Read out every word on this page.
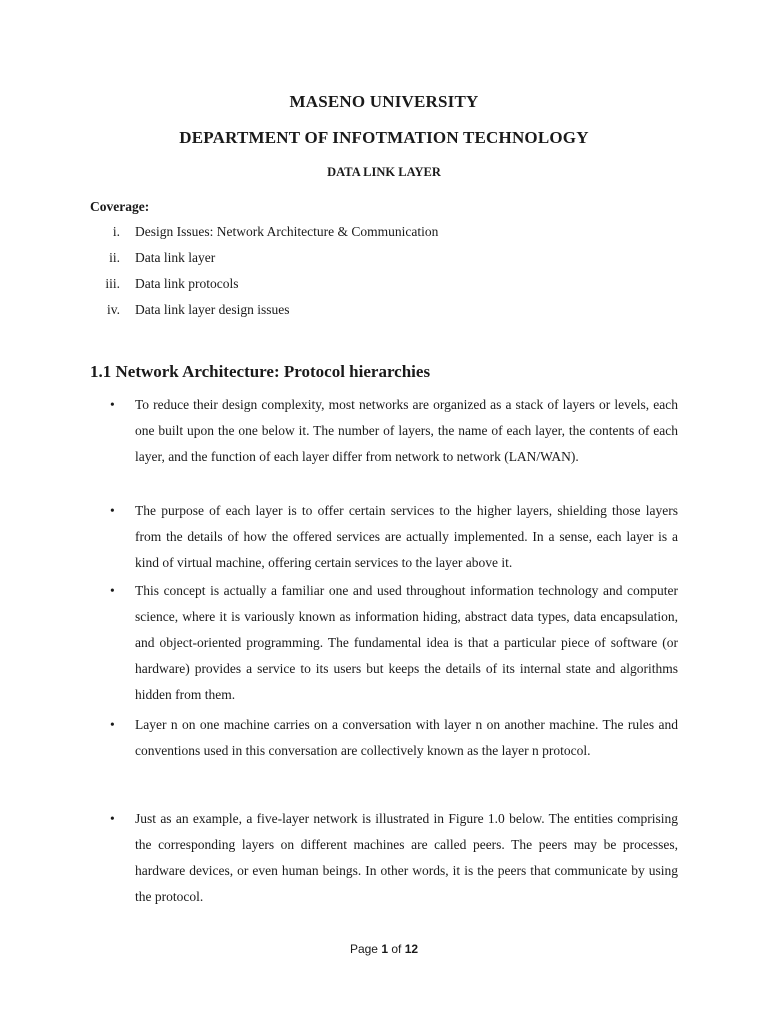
MASENO UNIVERSITY
DEPARTMENT OF INFOTMATION TECHNOLOGY
DATA LINK LAYER
Coverage:
i. Design Issues: Network Architecture & Communication
ii. Data link layer
iii. Data link protocols
iv. Data link layer design issues
1.1 Network Architecture: Protocol hierarchies
• To reduce their design complexity, most networks are organized as a stack of layers or levels, each one built upon the one below it. The number of layers, the name of each layer, the contents of each layer, and the function of each layer differ from network to network (LAN/WAN).
• The purpose of each layer is to offer certain services to the higher layers, shielding those layers from the details of how the offered services are actually implemented. In a sense, each layer is a kind of virtual machine, offering certain services to the layer above it.
• This concept is actually a familiar one and used throughout information technology and computer science, where it is variously known as information hiding, abstract data types, data encapsulation, and object-oriented programming. The fundamental idea is that a particular piece of software (or hardware) provides a service to its users but keeps the details of its internal state and algorithms hidden from them.
• Layer n on one machine carries on a conversation with layer n on another machine. The rules and conventions used in this conversation are collectively known as the layer n protocol.
• Just as an example, a five-layer network is illustrated in Figure 1.0 below. The entities comprising the corresponding layers on different machines are called peers. The peers may be processes, hardware devices, or even human beings. In other words, it is the peers that communicate by using the protocol.
Page 1 of 12
